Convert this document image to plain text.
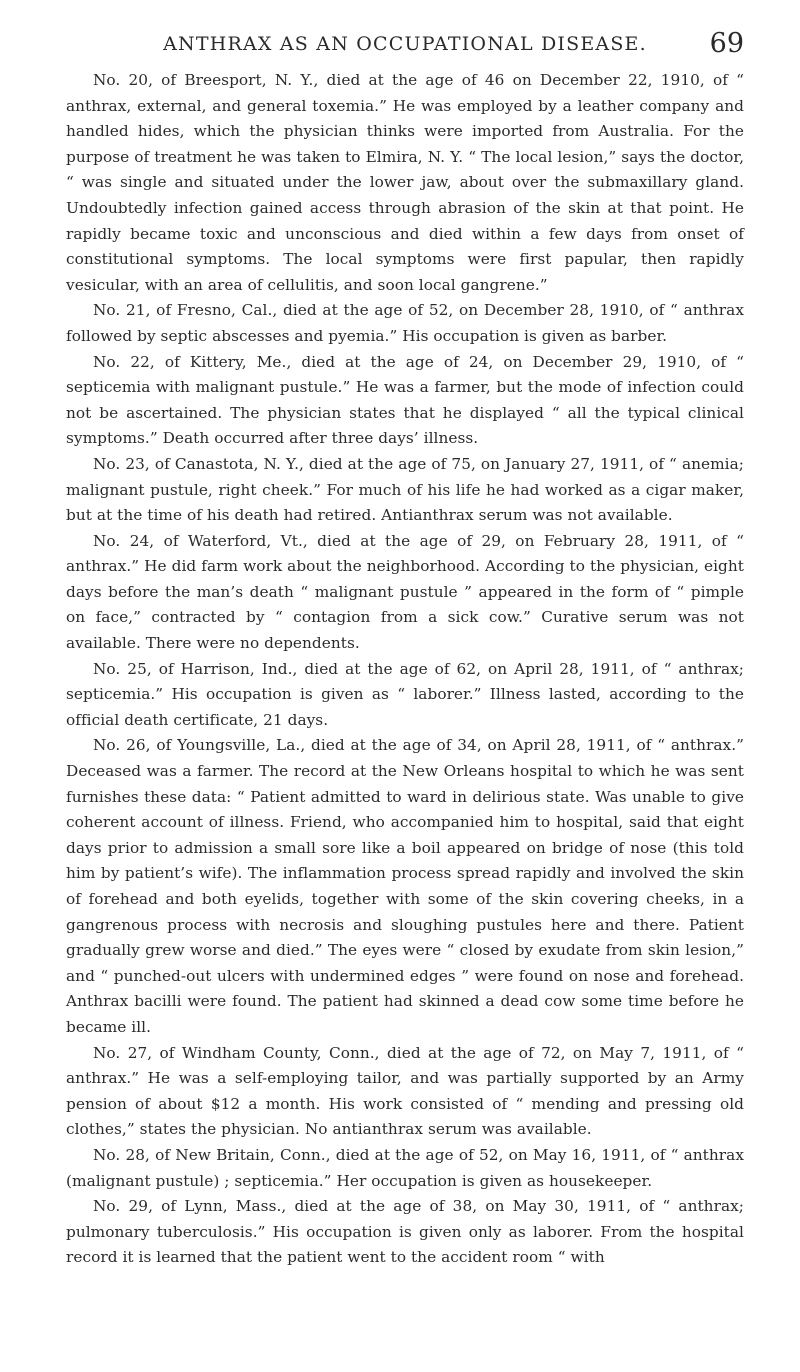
ANTHRAX AS AN OCCUPATIONAL DISEASE.	69

No. 20, of Breesport, N. Y., died at the age of 46 on December 22, 1910, of “ anthrax, external, and general toxemia.” He was employed by a leather company and handled hides, which the physician thinks were imported from Australia. For the purpose of treatment he was taken to Elmira, N. Y. “ The local lesion,” says the doctor, “ was single and situated under the lower jaw, about over the submaxillary gland. Undoubtedly infection gained access through abrasion of the skin at that point. He rapidly became toxic and unconscious and died within a few days from onset of constitutional symptoms. The local symptoms were first papular, then rapidly vesicular, with an area of cellulitis, and soon local gangrene.”

No. 21, of Fresno, Cal., died at the age of 52, on December 28, 1910, of “ anthrax followed by septic abscesses and pyemia.” His occupation is given as barber.

No. 22, of Kittery, Me., died at the age of 24, on December 29, 1910, of “ septicemia with malignant pustule.” He was a farmer, but the mode of infection could not be ascertained. The physician states that he displayed “ all the typical clinical symptoms.” Death occurred after three days’ illness.

No. 23, of Canastota, N. Y., died at the age of 75, on January 27, 1911, of “ anemia; malignant pustule, right cheek.” For much of his life he had worked as a cigar maker, but at the time of his death had retired. Antianthrax serum was not available.

No. 24, of Waterford, Vt., died at the age of 29, on February 28, 1911, of “ anthrax.” He did farm work about the neighborhood. According to the physician, eight days before the man’s death “ malignant pustule ” appeared in the form of “ pimple on face,” contracted by “ contagion from a sick cow.” Curative serum was not available. There were no dependents.

No. 25, of Harrison, Ind., died at the age of 62, on April 28, 1911, of “ anthrax; septicemia.” His occupation is given as “ laborer.” Illness lasted, according to the official death certificate, 21 days.

No. 26, of Youngsville, La., died at the age of 34, on April 28, 1911, of “ anthrax.” Deceased was a farmer. The record at the New Orleans hospital to which he was sent furnishes these data: “ Patient admitted to ward in delirious state. Was unable to give coherent account of illness. Friend, who accompanied him to hospital, said that eight days prior to admission a small sore like a boil appeared on bridge of nose (this told him by patient’s wife). The inflammation process spread rapidly and involved the skin of forehead and both eyelids, together with some of the skin covering cheeks, in a gangrenous process with necrosis and sloughing pustules here and there. Patient gradually grew worse and died.” The eyes were “ closed by exudate from skin lesion,” and “ punched-out ulcers with undermined edges ” were found on nose and forehead. Anthrax bacilli were found. The patient had skinned a dead cow some time before he became ill.

No. 27, of Windham County, Conn., died at the age of 72, on May 7, 1911, of “ anthrax.” He was a self-employing tailor, and was partially supported by an Army pension of about $12 a month. His work consisted of “ mending and pressing old clothes,” states the physician. No antianthrax serum was available.

No. 28, of New Britain, Conn., died at the age of 52, on May 16, 1911, of “ anthrax (malignant pustule) ; septicemia.” Her occupation is given as housekeeper.

No. 29, of Lynn, Mass., died at the age of 38, on May 30, 1911, of “ anthrax; pulmonary tuberculosis.” His occupation is given only as laborer. From the hospital record it is learned that the patient went to the accident room “ with
